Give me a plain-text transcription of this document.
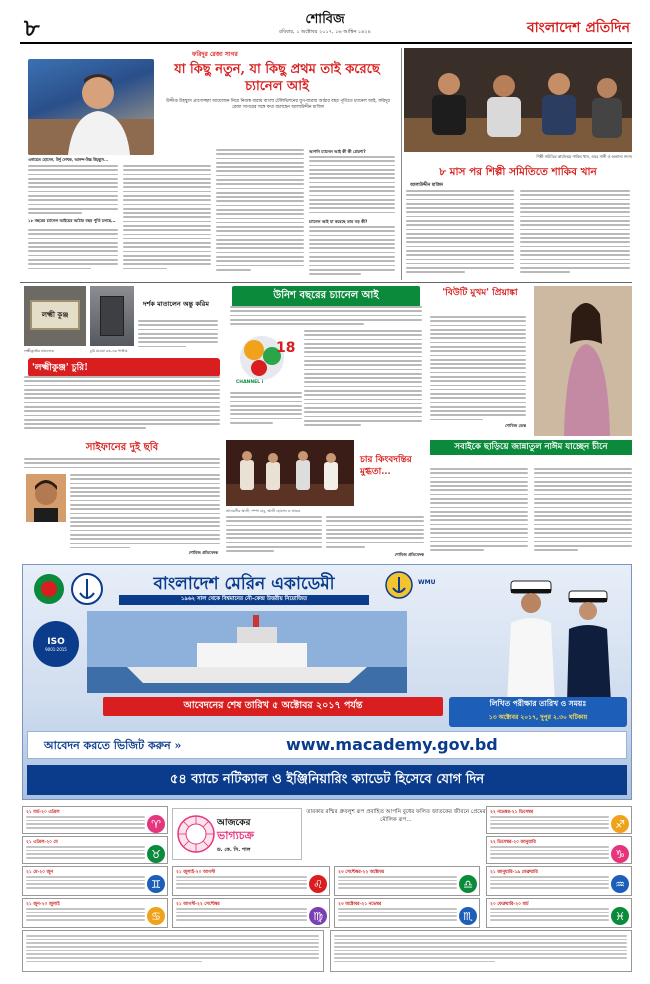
৮	শোবিজ
রবিবার, ১ অক্টোবর ২০১৭, ১৬ আশ্বিন ১৪২৪	বাংলাদেশ প্রতিদিন
ফরিদুর রেজা সাগর
যা কিছু নতুন, যা কিছু প্রথম তাই করেছে চ্যানেল আই
উদ্দীপ্ত উচ্ছ্বাস প্রাণোচ্ছল আয়োজন নিয়ে নিজস্ব ধারায় বাংলা টেলিভিশনের যুগ-যাত্রায় আঠার বছর পূর্তিতে চ্যানেল আই, ফরিদুর রেজা সাগরের সঙ্গে কথা বলেছেন আলাউদ্দীন মাজিদ
এনায়েত হোসেন, উর্দু লেখক, আনন্দ-উচ্চ উচ্ছ্বাস...
১৮ বছরের চ্যানেল আইয়ের আঠার বছর পূর্তি চলছে...
আপনি চ্যানেল আই কী কী প্রেরণা?
চ্যানেল আই যা করেছে তার বড় কী?
শিল্পী সমিতির কার্যালয়ে শাকিব খান, ওমর সানী ও অন্যান্য সদস্য
৮ মাস পর শিল্পী সমিতিতে শাকিব খান
আলাউদ্দীন মাজিদ
দর্শক মাতালেন অন্তু করিম
লক্ষ্মী কুঞ্জ
লক্ষ্মীকুঞ্জের নামফলক	চুরি যাওয়া রঙ-এর পাঞ্জাম
'লক্ষ্মীকুঞ্জ' চুরি!
উনিশ বছরের চ্যানেল আই
18
CHANNEL i
'বিউটি মুখম' প্রিয়াঙ্কা
শোবিজ ডেস্ক
সাইফানের দুই ছবি
শোবিজ প্রতিবেদক
চার কিংবদন্তির মুগ্ধতা...
আলমগীর আলী, শম্পা বাবু, আলী হোসেন ও আরও
শোবিজ প্রতিবেদক
সবাইকে ছাড়িয়ে জান্নাতুল নাঈম যাচ্ছেন চীনে
বাংলাদেশ মেরিন একাডেমী
১৯৬২ সাল থেকে বিশ্বমানের নৌ-কেন্দ্র উত্তরীয় নিয়োজিত
WMU
ISO
9001:2015
আবেদনের শেষ তারিখ ৫ অক্টোবর ২০১৭ পর্যন্ত	লিখিত পরীক্ষার তারিখ ও সময়ঃ
১৩ অক্টোবর ২০১৭, দুপুর ২.৩০ ঘটিকায়
আবেদন করতে ভিজিট করুন »	www.macademy.gov.bd
৫৪ ব্যাচে নটিক্যাল ও ইঞ্জিনিয়ারিং ক্যাডেট হিসেবে যোগ দিন
আজকের
ভাগ্যচক্র
ড. কে. সি. পাল
তারকার রশ্মির ধ্রুবলুশ রূপ প্রবাহিত আপনি বুধের ফলিত জাতকের জীবনে প্রেমের মৌলিক রূপ...
২১ মার্চ-২০ এপ্রিল
♈
২১ এপ্রিল-২০ মে
♉
২১ মে-২০ জুন
♊
২১ জুন-২০ জুলাই
♋
২১ জুলাই-২০ আগস্ট
♌
২১ আগস্ট-২২ সেপ্টেম্বর
♍
২৩ সেপ্টেম্বর-২২ অক্টোবর
♎
২৩ অক্টোবর-২১ নভেম্বর
♏
২২ নভেম্বর-২১ ডিসেম্বর
♐
২২ ডিসেম্বর-২০ জানুয়ারি
♑
২১ জানুয়ারি-১৯ ফেব্রুয়ারি
♒
২০ ফেব্রুয়ারি-২০ মার্চ
♓
